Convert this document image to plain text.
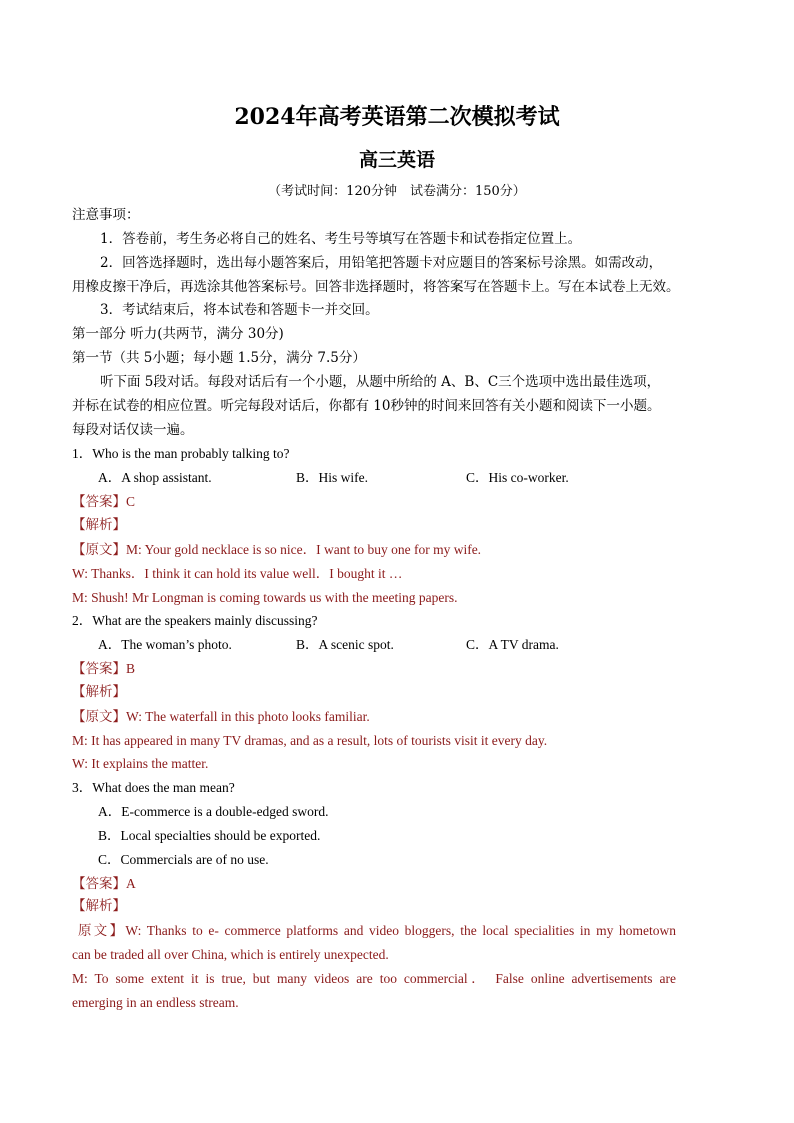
2024年高考英语第二次模拟考试
高三英语
（考试时间：120分钟　试卷满分：150分）
注意事项：
1．答卷前，考生务必将自己的姓名、考生号等填写在答题卡和试卷指定位置上。
2．回答选择题时，选出每小题答案后，用铅笔把答题卡对应题目的答案标号涂黑。如需改动，
用橡皮擦干净后，再选涂其他答案标号。回答非选择题时，将答案写在答题卡上。写在本试卷上无效。
3．考试结束后，将本试卷和答题卡一并交回。
第一部分 听力(共两节，满分 30分)
第一节（共 5小题；每小题 1.5分，满分 7.5分）
听下面 5段对话。每段对话后有一个小题，从题中所给的 A、B、C三个选项中选出最佳选项，
并标在试卷的相应位置。听完每段对话后，你都有 10秒钟的时间来回答有关小题和阅读下一小题。
每段对话仅读一遍。
1．Who is the man probably talking to?
A．A shop assistant.	B．His wife.	C．His co-worker.
【答案】C
【解析】
【原文】M: Your gold necklace is so nice．I want to buy one for my wife.
W: Thanks．I think it can hold its value well．I bought it …
M: Shush! Mr Longman is coming towards us with the meeting papers.
2．What are the speakers mainly discussing?
A．The woman’s photo.	B．A scenic spot.	C．A TV drama.
【答案】B
【解析】
【原文】W: The waterfall in this photo looks familiar.
M: It has appeared in many TV dramas, and as a result, lots of tourists visit it every day.
W: It explains the matter.
3．What does the man mean?
A．E-commerce is a double-edged sword.
B．Local specialties should be exported.
C．Commercials are of no use.
【答案】A
【解析】
原文】W: Thanks to e- commerce platforms and video bloggers, the local specialities in my hometown
can be traded all over China, which is entirely unexpected.
M: To some extent it is true, but many videos are too commercial． False online advertisements are
emerging in an endless stream.
